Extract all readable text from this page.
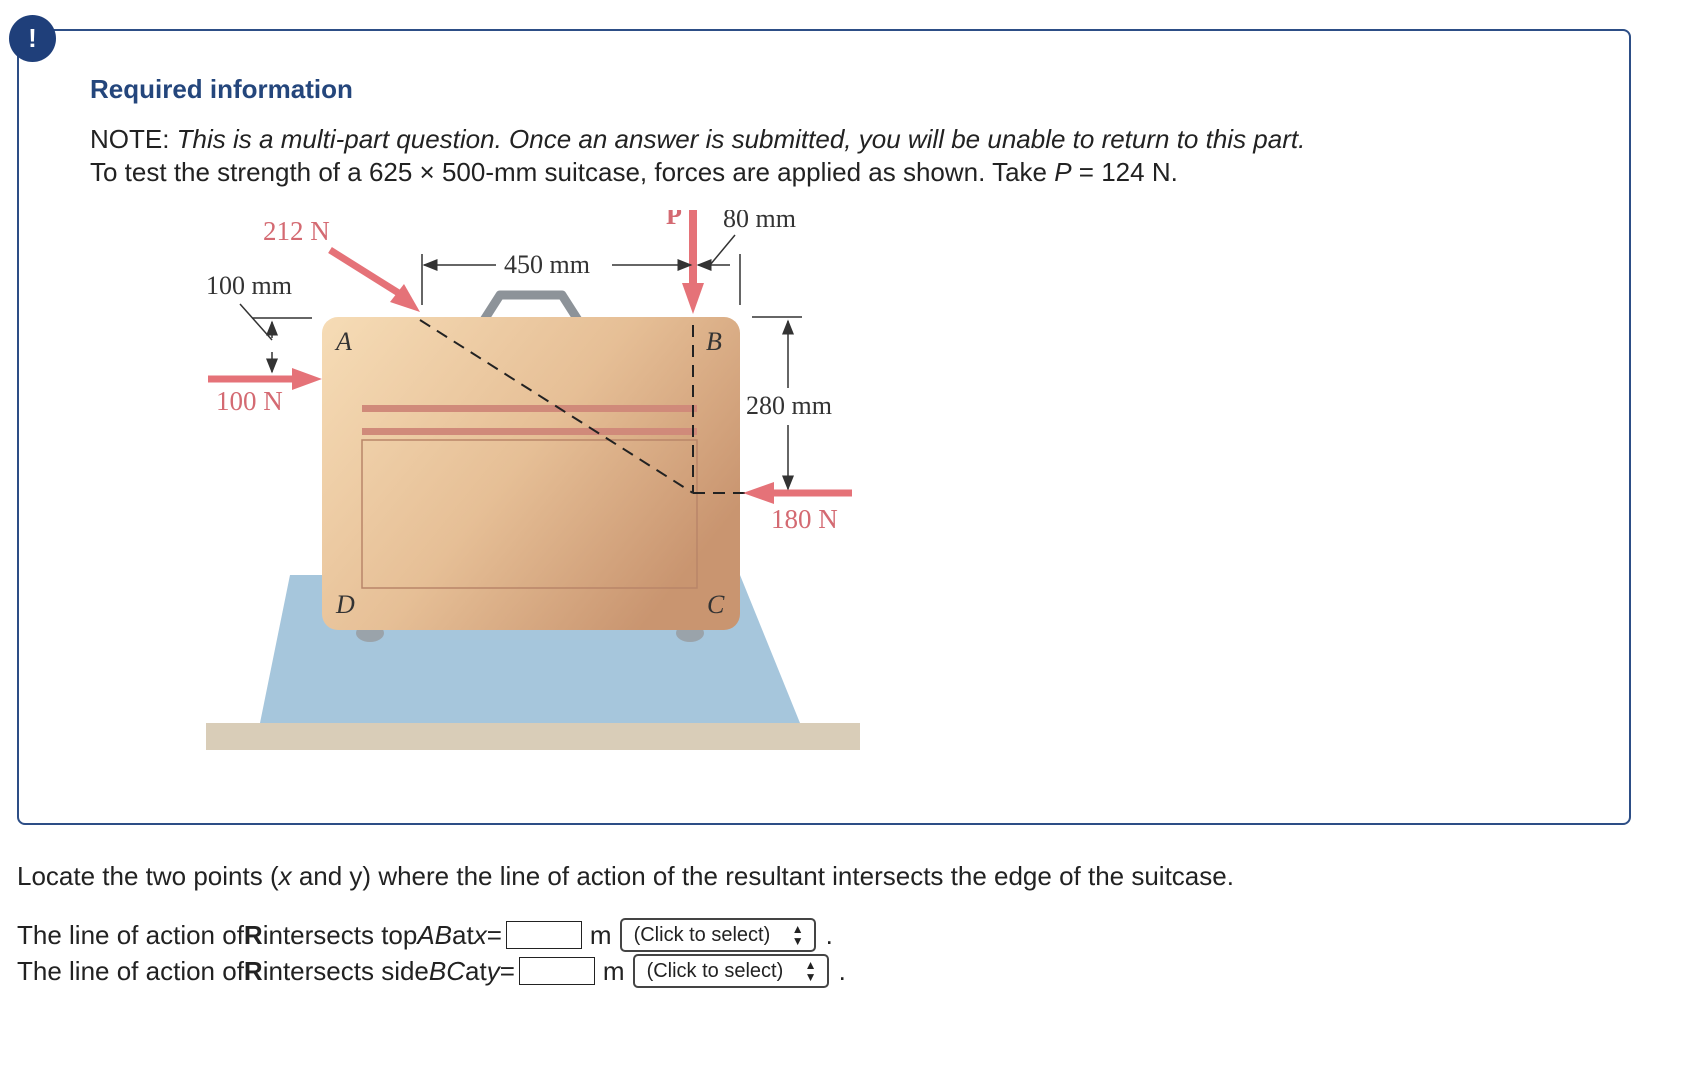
!
Required information
NOTE: This is a multi-part question. Once an answer is submitted, you will be unable to return to this part.
To test the strength of a 625 × 500-mm suitcase, forces are applied as shown. Take P = 124 N.
212 N
100 mm
100 N
450 mm
P 80 mm
280 mm
180 N
A	B
C
D
Locate the two points (x and y) where the line of action of the resultant intersects the edge of the suitcase.
The line of action of R intersects top AB at x =	m (Click to select) ▲
▼ .
The line of action of R intersects side BC at y =	m (Click to select) ▲
▼ .
